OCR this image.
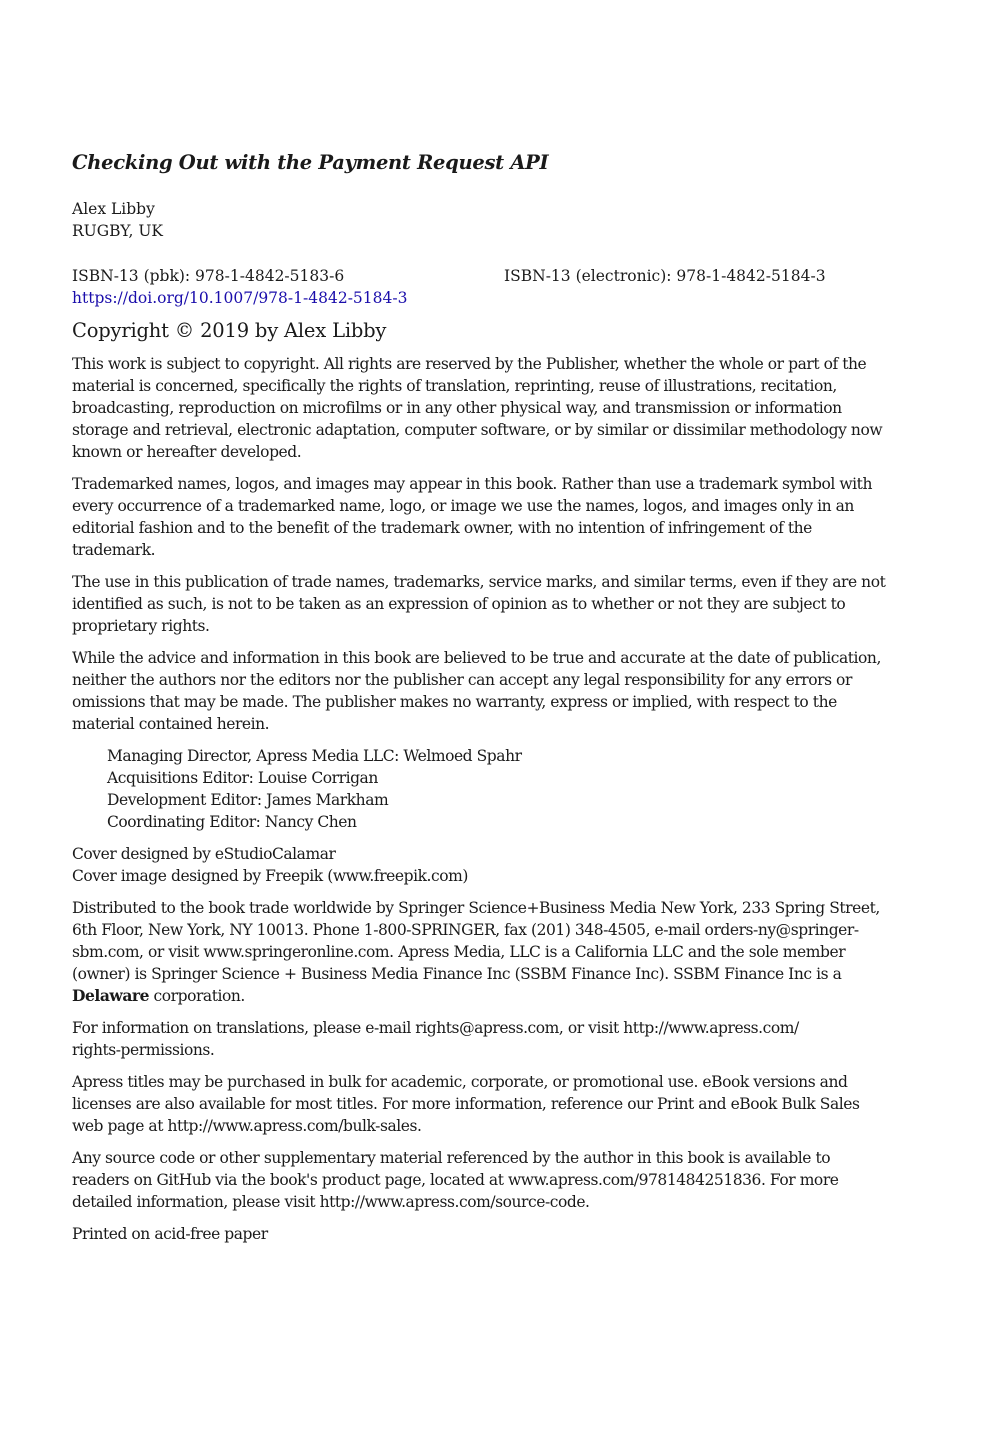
Checking Out with the Payment Request API
Alex Libby
RUGBY, UK
ISBN-13 (pbk): 978-1-4842-5183-6	ISBN-13 (electronic): 978-1-4842-5184-3
https://doi.org/10.1007/978-1-4842-5184-3
Copyright © 2019 by Alex Libby
This work is subject to copyright. All rights are reserved by the Publisher, whether the whole or part of the
material is concerned, specifically the rights of translation, reprinting, reuse of illustrations, recitation,
broadcasting, reproduction on microfilms or in any other physical way, and transmission or information
storage and retrieval, electronic adaptation, computer software, or by similar or dissimilar methodology now
known or hereafter developed.
Trademarked names, logos, and images may appear in this book. Rather than use a trademark symbol with
every occurrence of a trademarked name, logo, or image we use the names, logos, and images only in an
editorial fashion and to the benefit of the trademark owner, with no intention of infringement of the
trademark.
The use in this publication of trade names, trademarks, service marks, and similar terms, even if they are not
identified as such, is not to be taken as an expression of opinion as to whether or not they are subject to
proprietary rights.
While the advice and information in this book are believed to be true and accurate at the date of publication,
neither the authors nor the editors nor the publisher can accept any legal responsibility for any errors or
omissions that may be made. The publisher makes no warranty, express or implied, with respect to the
material contained herein.
Managing Director, Apress Media LLC: Welmoed Spahr
Acquisitions Editor: Louise Corrigan
Development Editor: James Markham
Coordinating Editor: Nancy Chen
Cover designed by eStudioCalamar
Cover image designed by Freepik (www.freepik.com)
Distributed to the book trade worldwide by Springer Science+Business Media New York, 233 Spring Street,
6th Floor, New York, NY 10013. Phone 1-800-SPRINGER, fax (201) 348-4505, e-mail orders-ny@springer-
sbm.com, or visit www.springeronline.com. Apress Media, LLC is a California LLC and the sole member
(owner) is Springer Science + Business Media Finance Inc (SSBM Finance Inc). SSBM Finance Inc is a
Delaware corporation.
For information on translations, please e-mail rights@apress.com, or visit http://www.apress.com/
rights-permissions.
Apress titles may be purchased in bulk for academic, corporate, or promotional use. eBook versions and
licenses are also available for most titles. For more information, reference our Print and eBook Bulk Sales
web page at http://www.apress.com/bulk-sales.
Any source code or other supplementary material referenced by the author in this book is available to
readers on GitHub via the book's product page, located at www.apress.com/9781484251836. For more
detailed information, please visit http://www.apress.com/source-code.
Printed on acid-free paper
